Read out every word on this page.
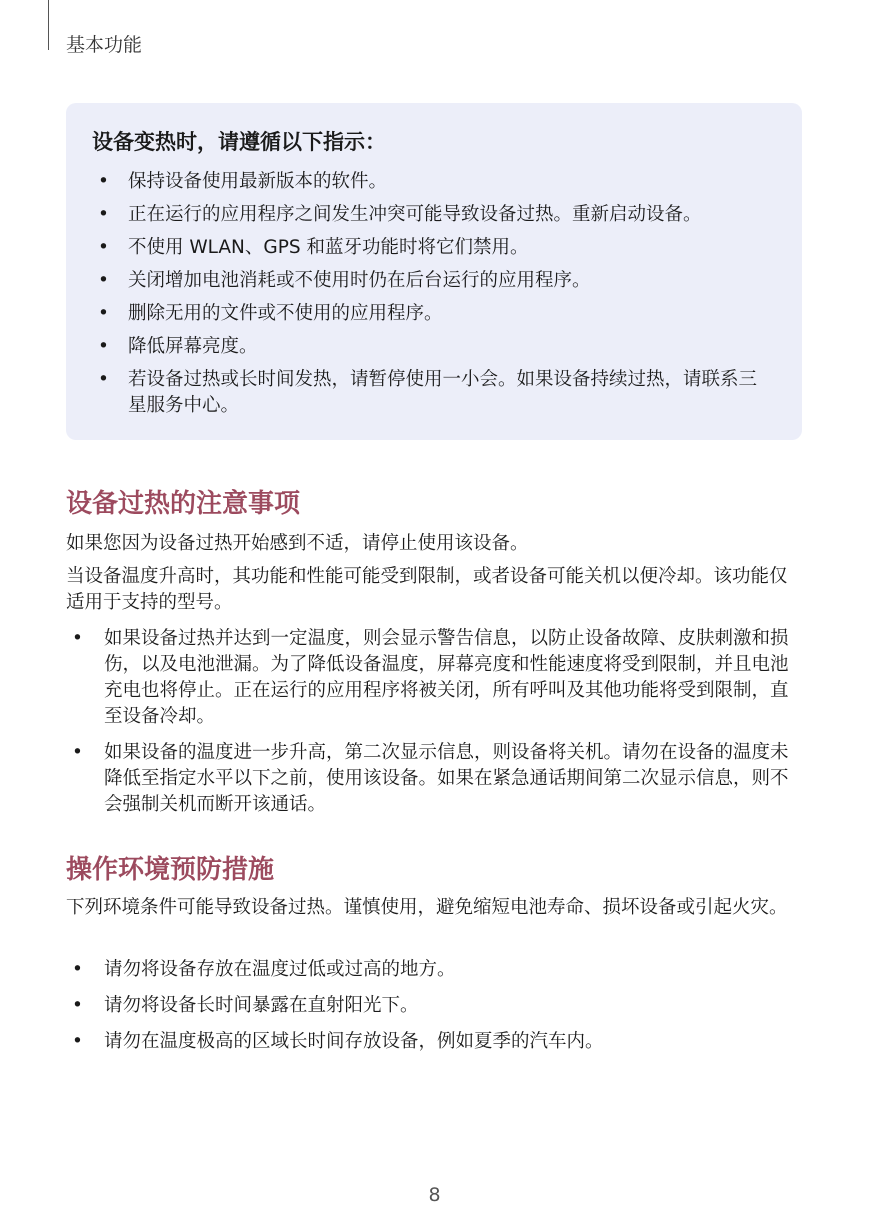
基本功能
设备变热时，请遵循以下指示：
• 保持设备使用最新版本的软件。
• 正在运行的应用程序之间发生冲突可能导致设备过热。重新启动设备。
• 不使用 WLAN、GPS 和蓝牙功能时将它们禁用。
• 关闭增加电池消耗或不使用时仍在后台运行的应用程序。
• 删除无用的文件或不使用的应用程序。
• 降低屏幕亮度。
• 若设备过热或长时间发热，请暂停使用一小会。如果设备持续过热，请联系三星服务中心。
设备过热的注意事项

如果您因为设备过热开始感到不适，请停止使用该设备。

当设备温度升高时，其功能和性能可能受到限制，或者设备可能关机以便冷却。该功能仅适用于支持的型号。

• 如果设备过热并达到一定温度，则会显示警告信息，以防止设备故障、皮肤刺激和损伤，以及电池泄漏。为了降低设备温度，屏幕亮度和性能速度将受到限制，并且电池充电也将停止。正在运行的应用程序将被关闭，所有呼叫及其他功能将受到限制，直至设备冷却。
• 如果设备的温度进一步升高，第二次显示信息，则设备将关机。请勿在设备的温度未降低至指定水平以下之前，使用该设备。如果在紧急通话期间第二次显示信息，则不会强制关机而断开该通话。
操作环境预防措施

下列环境条件可能导致设备过热。谨慎使用，避免缩短电池寿命、损坏设备或引起火灾。

• 请勿将设备存放在温度过低或过高的地方。
• 请勿将设备长时间暴露在直射阳光下。
• 请勿在温度极高的区域长时间存放设备，例如夏季的汽车内。
8
